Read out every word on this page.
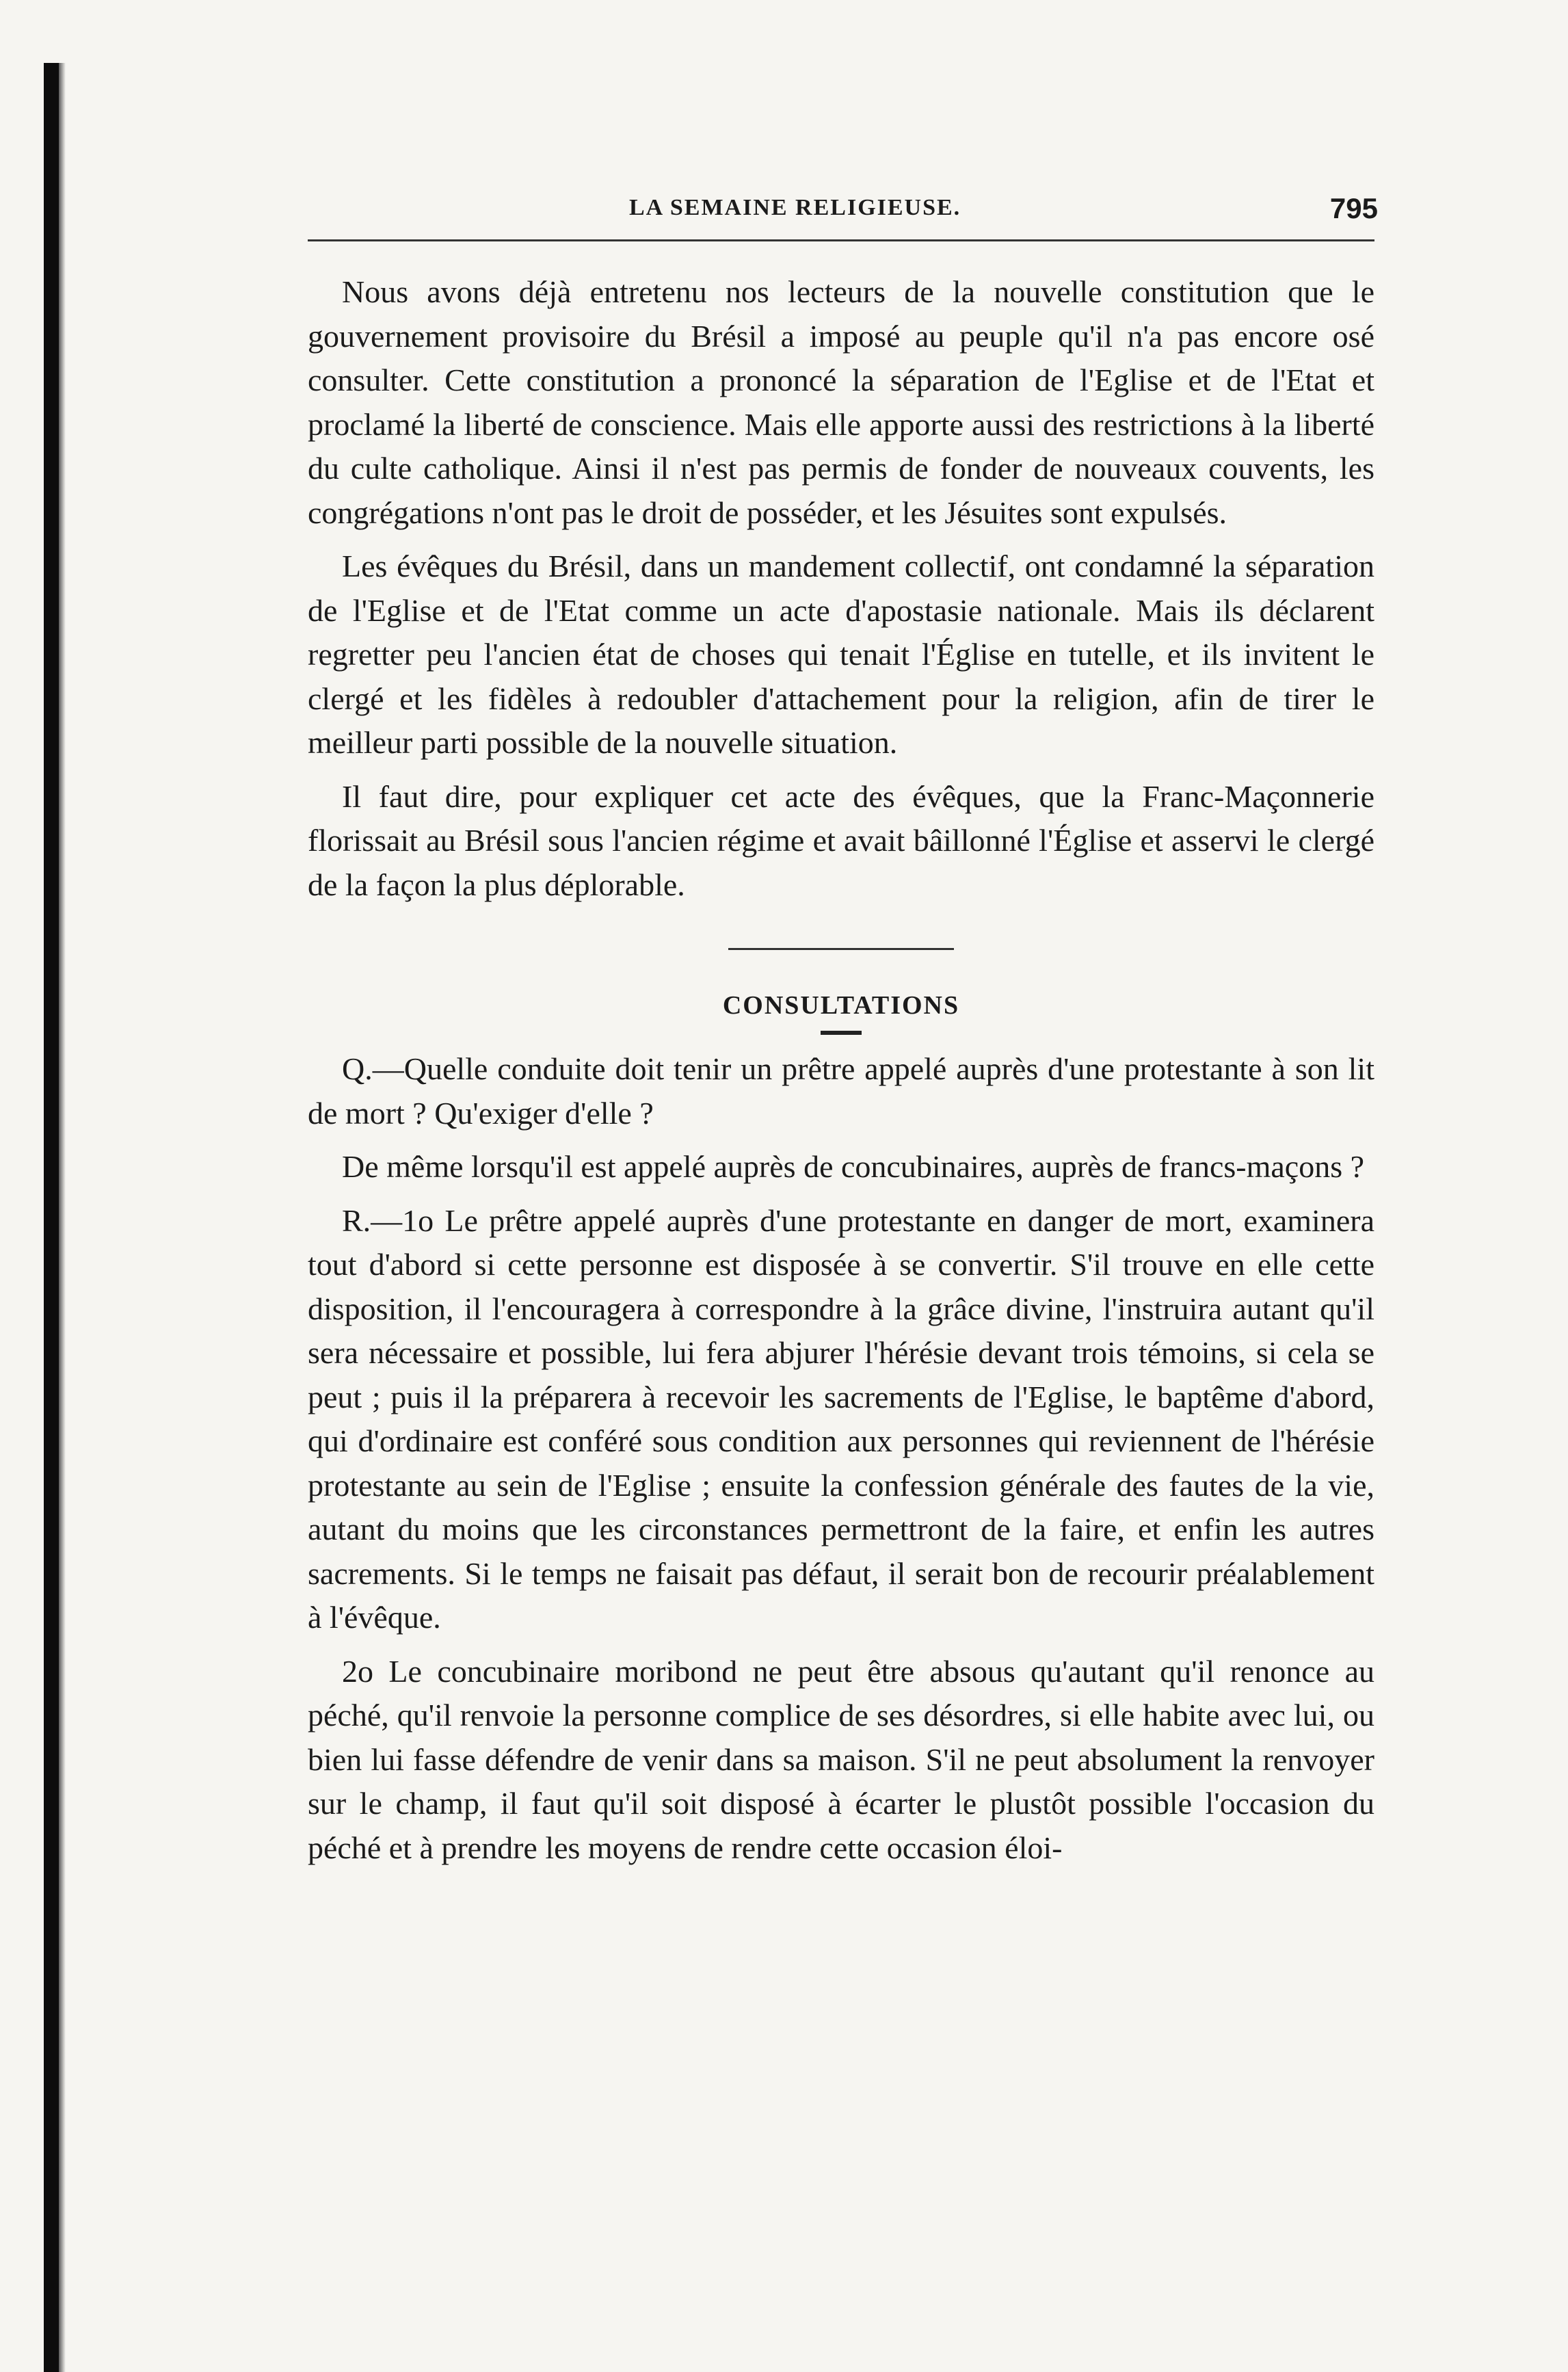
LA SEMAINE RELIGIEUSE.	795

Nous avons déjà entretenu nos lecteurs de la nouvelle constitution que le gouvernement provisoire du Brésil a imposé au peuple qu'il n'a pas encore osé consulter. Cette constitution a prononcé la séparation de l'Eglise et de l'Etat et proclamé la liberté de conscience. Mais elle apporte aussi des restrictions à la liberté du culte catholique. Ainsi il n'est pas permis de fonder de nouveaux couvents, les congrégations n'ont pas le droit de posséder, et les Jésuites sont expulsés.

Les évêques du Brésil, dans un mandement collectif, ont condamné la séparation de l'Eglise et de l'Etat comme un acte d'apostasie nationale. Mais ils déclarent regretter peu l'ancien état de choses qui tenait l'Église en tutelle, et ils invitent le clergé et les fidèles à redoubler d'attachement pour la religion, afin de tirer le meilleur parti possible de la nouvelle situation.

Il faut dire, pour expliquer cet acte des évêques, que la Franc-Maçonnerie florissait au Brésil sous l'ancien régime et avait bâillonné l'Église et asservi le clergé de la façon la plus déplorable.

CONSULTATIONS

Q.—Quelle conduite doit tenir un prêtre appelé auprès d'une protestante à son lit de mort ? Qu'exiger d'elle ?

De même lorsqu'il est appelé auprès de concubinaires, auprès de francs-maçons ?

R.—1o Le prêtre appelé auprès d'une protestante en danger de mort, examinera tout d'abord si cette personne est disposée à se convertir. S'il trouve en elle cette disposition, il l'encouragera à correspondre à la grâce divine, l'instruira autant qu'il sera nécessaire et possible, lui fera abjurer l'hérésie devant trois témoins, si cela se peut ; puis il la préparera à recevoir les sacrements de l'Eglise, le baptême d'abord, qui d'ordinaire est conféré sous condition aux personnes qui reviennent de l'hérésie protestante au sein de l'Eglise ; ensuite la confession générale des fautes de la vie, autant du moins que les circonstances permettront de la faire, et enfin les autres sacrements. Si le temps ne faisait pas défaut, il serait bon de recourir préalablement à l'évêque.

2o Le concubinaire moribond ne peut être absous qu'autant qu'il renonce au péché, qu'il renvoie la personne complice de ses désordres, si elle habite avec lui, ou bien lui fasse défendre de venir dans sa maison. S'il ne peut absolument la renvoyer sur le champ, il faut qu'il soit disposé à écarter le plustôt possible l'occasion du péché et à prendre les moyens de rendre cette occasion éloi-
